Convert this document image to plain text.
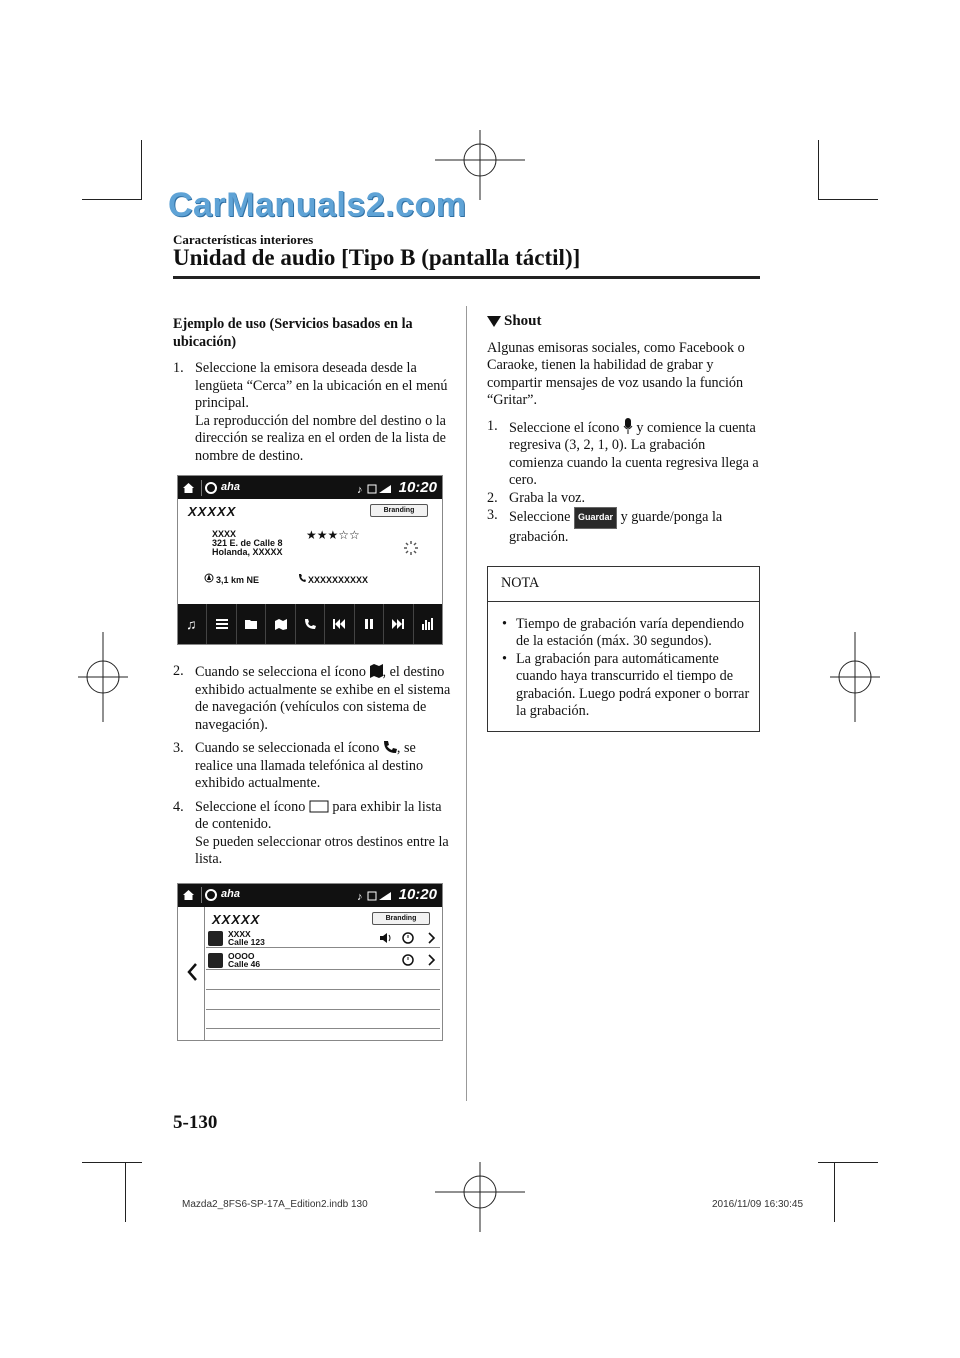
CarManuals2.com
Características interiores
Unidad de audio [Tipo B (pantalla táctil)]
Ejemplo de uso (Servicios basados en la ubicación)
1. Seleccione la emisora deseada desde la lengüeta “Cerca” en la ubicación en el menú principal.
La reproducción del nombre del destino o la dirección se realiza en el orden de la lista de nombre de destino.
aha	♪ 10:20
XXXXX	Branding
XXXX
321 E. de Calle 8
Holanda, XXXXX
★★★☆☆
3,1 km NE	XXXXXXXXXX
♫
2. Cuando se selecciona el ícono , el destino exhibido actualmente se exhibe en el sistema de navegación (vehículos con sistema de navegación).
3. Cuando se seleccionada el ícono , se realice una llamada telefónica al destino exhibido actualmente.
4. Seleccione el ícono  para exhibir la lista de contenido.
Se pueden seleccionar otros destinos entre la lista.
aha	♪ 10:20
XXXXX	Branding
XXXX
Calle 123
OOOO
Calle 46
Shout
Algunas emisoras sociales, como Facebook o Caraoke, tienen la habilidad de grabar y compartir mensajes de voz usando la función “Gritar”.
1. Seleccione el ícono  y comience la cuenta regresiva (3, 2, 1, 0). La grabación comienza cuando la cuenta regresiva llega a cero.
2. Graba la voz.
3. Seleccione Guardar y guarde/ponga la grabación.
NOTA
• Tiempo de grabación varía dependiendo de la estación (máx. 30 segundos).
• La grabación para automáticamente cuando haya transcurrido el tiempo de grabación. Luego podrá exponer o borrar la grabación.
5-130
Mazda2_8FS6-SP-17A_Edition2.indb 130	2016/11/09 16:30:45
